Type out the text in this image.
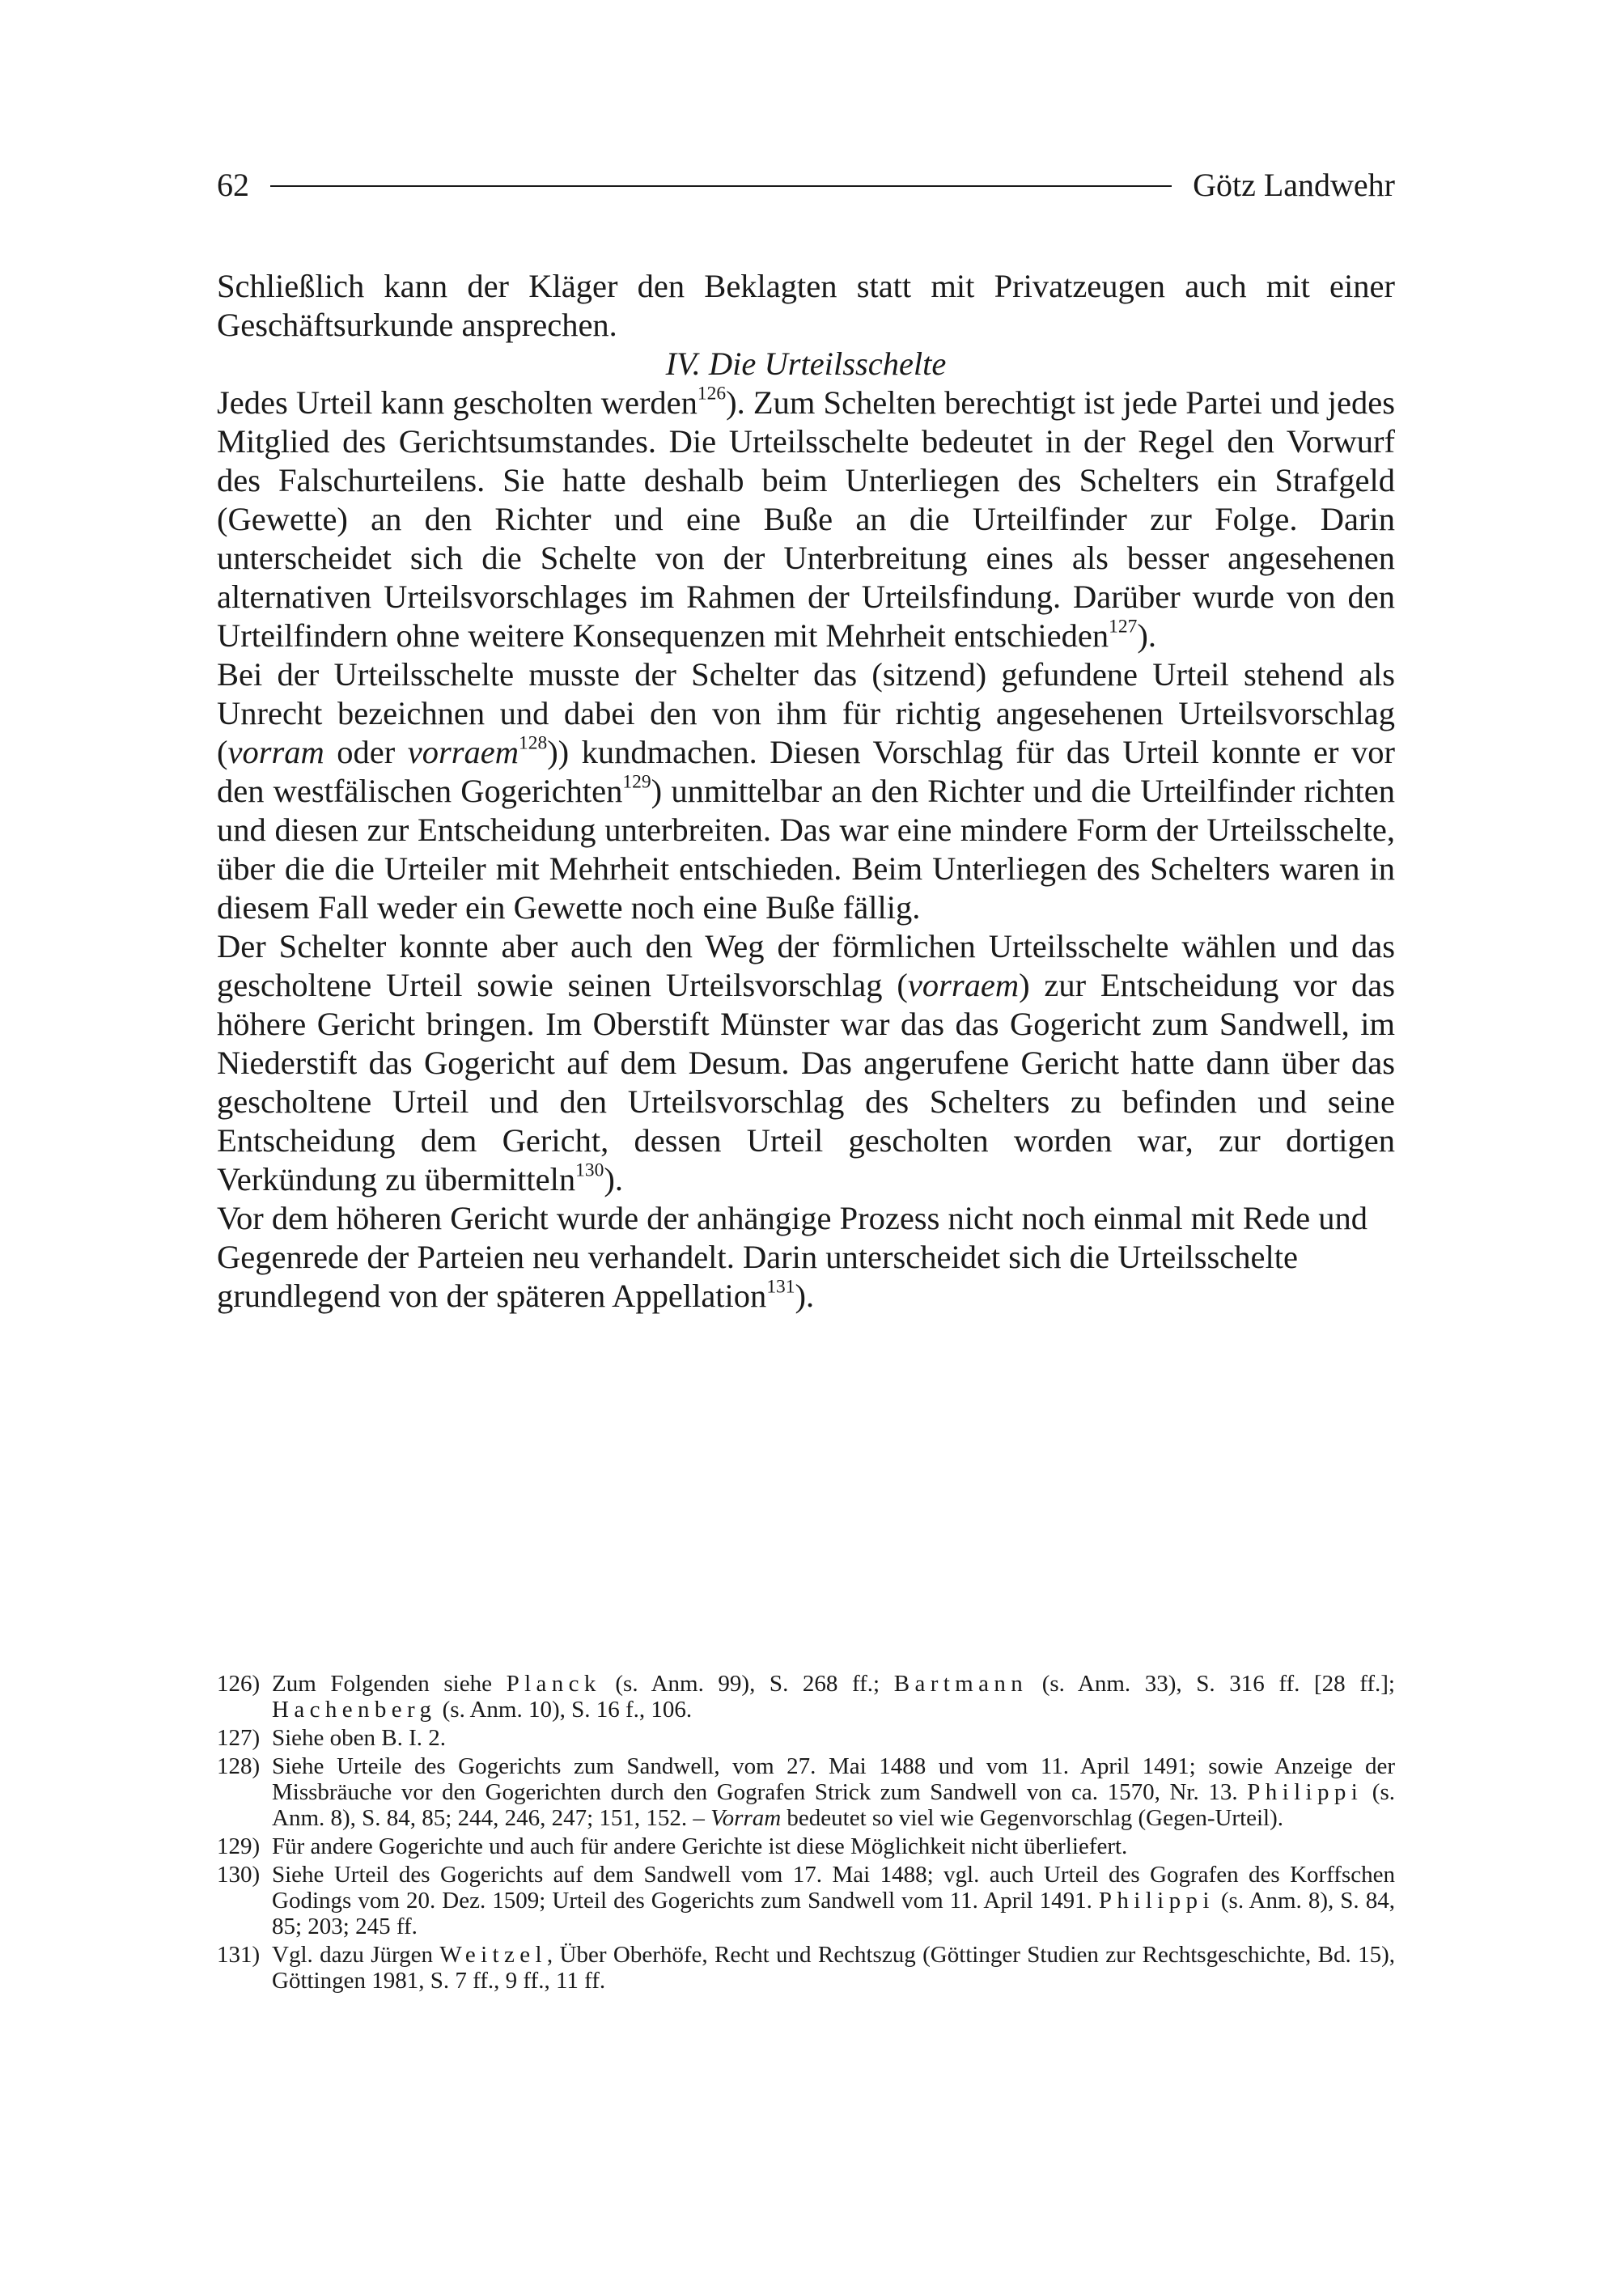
62	Götz Landwehr

Schließlich kann der Kläger den Beklagten statt mit Privatzeugen auch mit einer Geschäftsurkunde ansprechen.

IV. Die Urteilsschelte

Jedes Urteil kann gescholten werden$^{126}$). Zum Schelten berechtigt ist jede Partei und jedes Mitglied des Gerichtsumstandes. Die Urteilsschelte bedeutet in der Regel den Vorwurf des Falschurteilens. Sie hatte deshalb beim Unterliegen des Schelters ein Strafgeld (Gewette) an den Richter und eine Buße an die Urteilfinder zur Folge. Darin unterscheidet sich die Schelte von der Unterbreitung eines als besser angesehenen alternativen Urteilsvorschlages im Rahmen der Urteilsfindung. Darüber wurde von den Urteilfindern ohne weitere Konsequenzen mit Mehrheit entschieden$^{127}$).

Bei der Urteilsschelte musste der Schelter das (sitzend) gefundene Urteil stehend als Unrecht bezeichnen und dabei den von ihm für richtig angesehenen Urteilsvorschlag (vorram oder vorraem$^{128}$)) kundmachen. Diesen Vorschlag für das Urteil konnte er vor den westfälischen Gogerichten$^{129}$) unmittelbar an den Richter und die Urteilfinder richten und diesen zur Entscheidung unterbreiten. Das war eine mindere Form der Urteilsschelte, über die die Urteiler mit Mehrheit entschieden. Beim Unterliegen des Schelters waren in diesem Fall weder ein Gewette noch eine Buße fällig.

Der Schelter konnte aber auch den Weg der förmlichen Urteilsschelte wählen und das gescholtene Urteil sowie seinen Urteilsvorschlag (vorraem) zur Entscheidung vor das höhere Gericht bringen. Im Oberstift Münster war das das Gogericht zum Sandwell, im Niederstift das Gogericht auf dem Desum. Das angerufene Gericht hatte dann über das gescholtene Urteil und den Urteilsvorschlag des Schelters zu befinden und seine Entscheidung dem Gericht, dessen Urteil gescholten worden war, zur dortigen Verkündung zu übermitteln$^{130}$).

Vor dem höheren Gericht wurde der anhängige Prozess nicht noch einmal mit Rede und Gegenrede der Parteien neu verhandelt. Darin unterscheidet sich die Urteilsschelte grundlegend von der späteren Appellation$^{131}$).

126) Zum Folgenden siehe Planck (s. Anm. 99), S. 268 ff.; Bartmann (s. Anm. 33), S. 316 ff. [28 ff.]; Hachenberg (s. Anm. 10), S. 16 f., 106.
127) Siehe oben B. I. 2.
128) Siehe Urteile des Gogerichts zum Sandwell, vom 27. Mai 1488 und vom 11. April 1491; sowie Anzeige der Missbräuche vor den Gogerichten durch den Gografen Strick zum Sandwell von ca. 1570, Nr. 13. Philippi (s. Anm. 8), S. 84, 85; 244, 246, 247; 151, 152. – Vorram bedeutet so viel wie Gegenvorschlag (Gegen-Urteil).
129) Für andere Gogerichte und auch für andere Gerichte ist diese Möglichkeit nicht überliefert.
130) Siehe Urteil des Gogerichts auf dem Sandwell vom 17. Mai 1488; vgl. auch Urteil des Gografen des Korffschen Godings vom 20. Dez. 1509; Urteil des Gogerichts zum Sandwell vom 11. April 1491. Philippi (s. Anm. 8), S. 84, 85; 203; 245 ff.
131) Vgl. dazu Jürgen Weitzel, Über Oberhöfe, Recht und Rechtszug (Göttinger Studien zur Rechtsgeschichte, Bd. 15), Göttingen 1981, S. 7 ff., 9 ff., 11 ff.
